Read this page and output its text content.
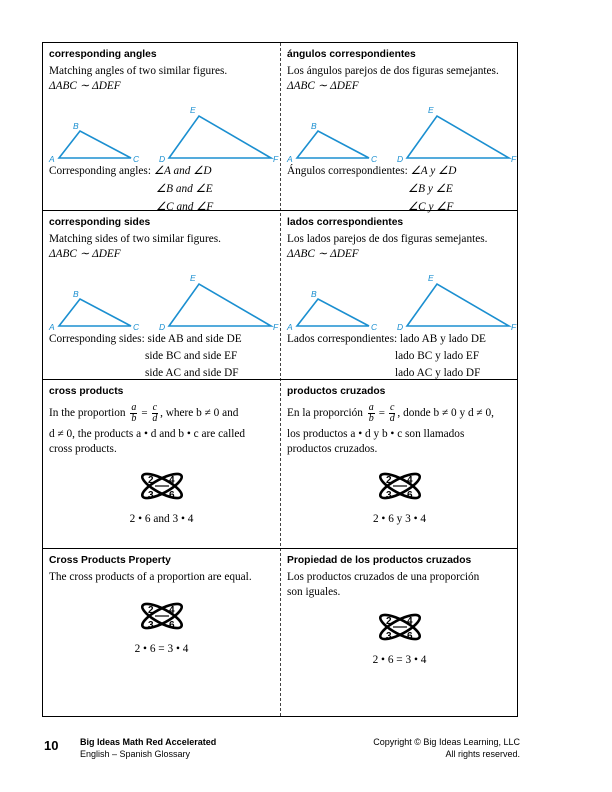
corresponding angles
Matching angles of two similar figures.
ΔABC ∼ ΔDEF
A
B
C D
E
F
Corresponding angles: ∠A and ∠D
∠B and ∠E
∠C and ∠F
ángulos correspondientes
Los ángulos parejos de dos figuras semejantes.
ΔABC ∼ ΔDEF
A
B
C D
E
F
Ángulos correspondientes: ∠A y ∠D
∠B y ∠E
∠C y ∠F
corresponding sides
Matching sides of two similar figures.
ΔABC ∼ ΔDEF
A
B
C D
E
F
Corresponding sides: side AB and side DE
side BC and side EF
side AC and side DF
lados correspondientes
Los lados parejos de dos figuras semejantes.
ΔABC ∼ ΔDEF
A
B
C D
E
F
Lados correspondientes: lado AB y lado DE
lado BC y lado EF
lado AC y lado DF
cross products
In the proportion $\frac{a}{b} = \frac{c}{d}$ , where b ≠ 0 and
d ≠ 0, the products a • d and b • c are called
cross products.
2 4
3 6
2 • 6 and 3 • 4
productos cruzados
En la proporción $\frac{a}{b} = \frac{c}{d}$ , donde b ≠ 0 y d ≠ 0,
los productos a • d y b • c son llamados
productos cruzados.
2 4
3 6
2 • 6 y 3 • 4
Cross Products Property
The cross products of a proportion are equal.
2 4
3 6
2 • 6 = 3 • 4
Propiedad de los productos cruzados
Los productos cruzados de una proporción
son iguales.
2 4
3 6
2 • 6 = 3 • 4
10 Big Ideas Math Red Accelerated
English – Spanish Glossary
Copyright © Big Ideas Learning, LLC
All rights reserved.
